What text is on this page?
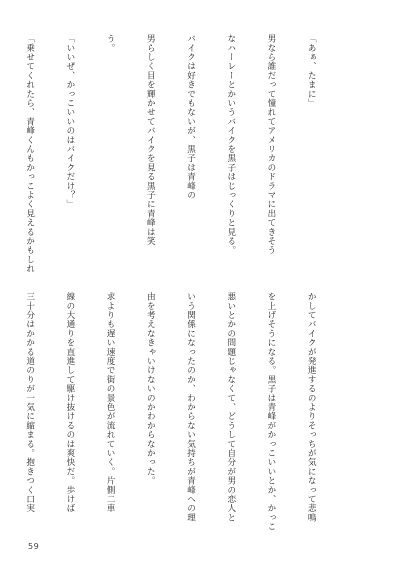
「あぁ、たまに」

男なら誰だって憧れてアメリカのドラマに出てきそう

なハーレーとかいうバイクを黒子はじっくりと見る。

バイクは好きでもないが、黒子は青峰の

男らしく目を輝かせてバイクを見る黒子に青峰は笑

う。

「いいぜ、かっこいいのはバイクだけ？」

「乗せてくれたら、青峰くんもかっこよく見えるかもしれ

かしてバイクが発進するのよりそっちが気になって悲鳴

を上げそうになる。黒子は青峰がかっこいいとか、かっこ

悪いとかの問題じゃなくて、どうして自分が男の恋人と

いう関係になったのか、わからない気持ちが青峰への理

由を考えなきゃいけないのかわからなかった。

求よりも遅い速度で街の景色が流れていく。片側二車

線の大通りを直進して駆け抜けるのは爽快だ。歩けば

三十分はかかる道のりが一気に縮まる。抱きつく口実

59
